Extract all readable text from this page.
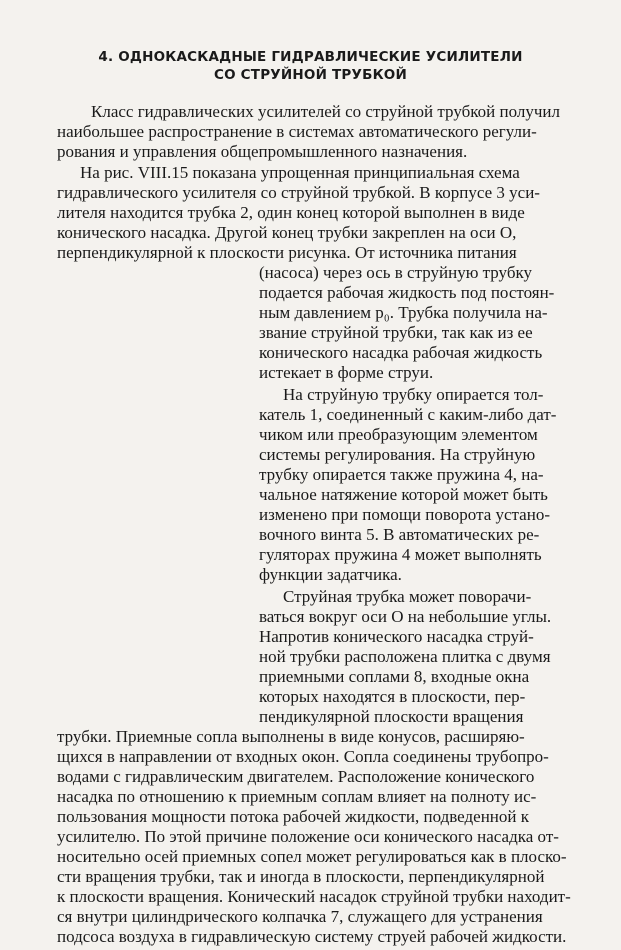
4. ОДНОКАСКАДНЫЕ ГИДРАВЛИЧЕСКИЕ УСИЛИТЕЛИ
СО СТРУЙНОЙ ТРУБКОЙ
Класс гидравлических усилителей со струйной трубкой получил
наибольшее распространение в системах автоматического регули-
рования и управления общепромышленного назначения.
На рис. VIII.15 показана упрощенная принципиальная схема
гидравлического усилителя со струйной трубкой. В корпусе 3 уси-
лителя находится трубка 2, один конец которой выполнен в виде
конического насадка. Другой конец трубки закреплен на оси О,
перпендикулярной к плоскости рисунка. От источника питания
(насоса) через ось в струйную трубку
подается рабочая жидкость под постоян-
ным давлением p₀. Трубка получила на-
звание струйной трубки, так как из ее
конического насадка рабочая жидкость
истекает в форме струи.
На струйную трубку опирается тол-
катель 1, соединенный с каким-либо дат-
чиком или преобразующим элементом
системы регулирования. На струйную
трубку опирается также пружина 4, на-
чальное натяжение которой может быть
изменено при помощи поворота устано-
вочного винта 5. В автоматических ре-
гуляторах пружина 4 может выполнять
функции задатчика.
Струйная трубка может поворачи-
ваться вокруг оси О на небольшие углы.
Напротив конического насадка струй-
ной трубки расположена плитка с двумя
приемными соплами 8, входные окна
которых находятся в плоскости, пер-
пендикулярной плоскости вращения
трубки. Приемные сопла выполнены в виде конусов, расширяю-
щихся в направлении от входных окон. Сопла соединены трубопро-
водами с гидравлическим двигателем. Расположение конического
насадка по отношению к приемным соплам влияет на полноту ис-
пользования мощности потока рабочей жидкости, подведенной к
усилителю. По этой причине положение оси конического насадка от-
носительно осей приемных сопел может регулироваться как в плоско-
сти вращения трубки, так и иногда в плоскости, перпендикулярной
к плоскости вращения. Конический насадок струйной трубки находит-
ся внутри цилиндрического колпачка 7, служащего для устранения
подсоса воздуха в гидравлическую систему струей рабочей жидкости.
